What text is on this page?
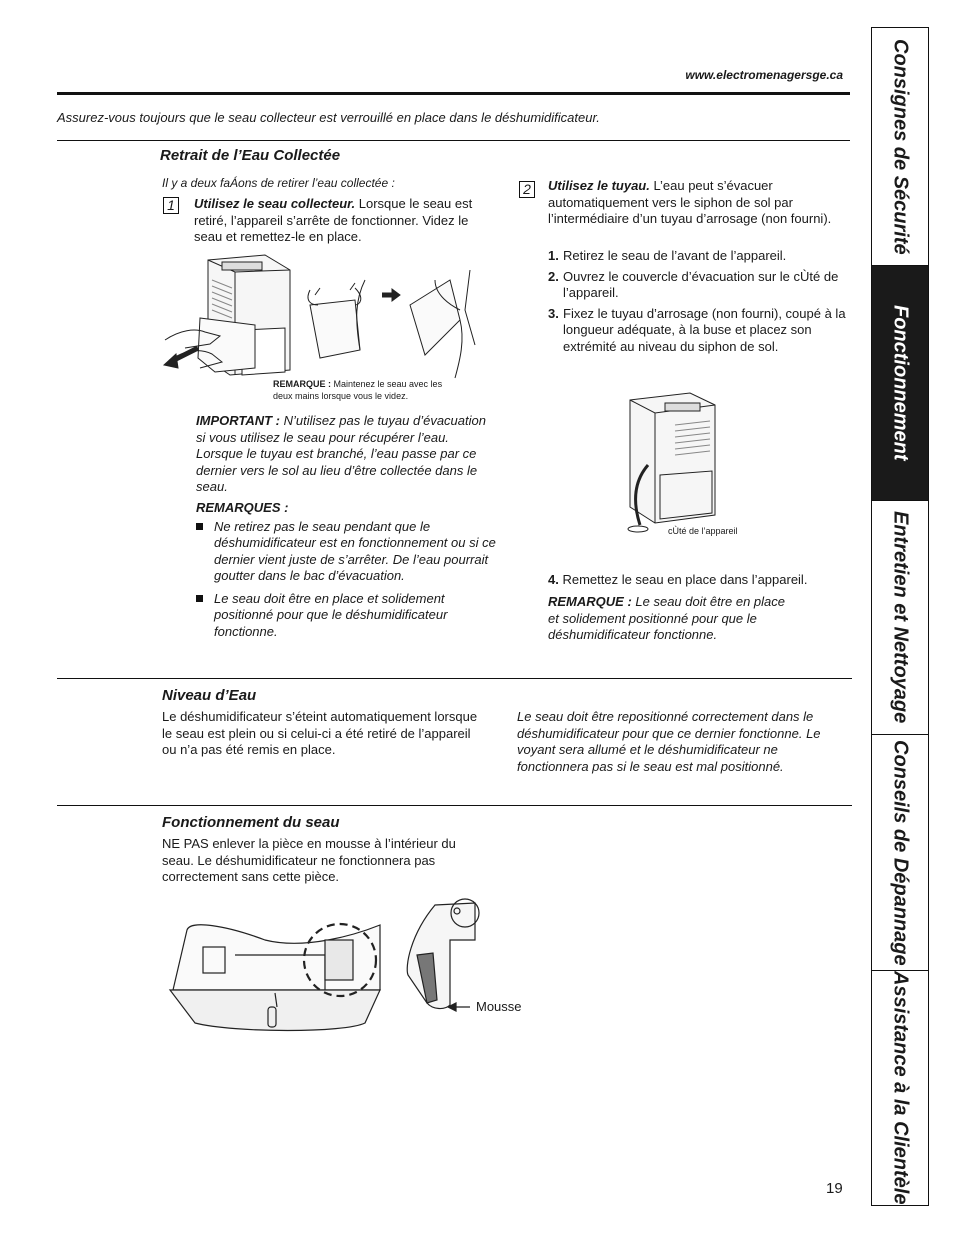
www.electromenagersge.ca
Assurez-vous toujours que le seau collecteur est verrouillé en place dans le déshumidificateur.
Retrait de l’Eau Collectée
Il y a deux faÁons de retirer l’eau collectée :
1	Utilisez le seau collecteur. Lorsque le seau est retiré, l’appareil s’arrête de fonctionner. Videz le seau et remettez-le en place.
REMARQUE : Maintenez le seau avec les deux mains lorsque vous le videz.
IMPORTANT : N’utilisez pas le tuyau d’évacuation si vous utilisez le seau pour récupérer l’eau. Lorsque le tuyau est branché, l’eau passe par ce dernier vers le sol au lieu d’être collectée dans le seau.
REMARQUES :
Ne retirez pas le seau pendant que le déshumidificateur est en fonctionnement ou si ce dernier vient juste de s’arrêter. De l’eau pourrait goutter dans le bac d’évacuation.
Le seau doit être en place et solidement positionné pour que le déshumidificateur fonctionne.
2	Utilisez le tuyau. L’eau peut s’évacuer automatiquement vers le siphon de sol par l’intermédiaire d’un tuyau d’arrosage (non fourni).
1. Retirez le seau de l’avant de l’appareil.
2. Ouvrez le couvercle d’évacuation sur le cÙté de l’appareil.
3. Fixez le tuyau d’arrosage (non fourni), coupé à la longueur adéquate, à la buse et placez son extrémité au niveau du siphon de sol.
cÙté de l’appareil
4. Remettez le seau en place dans l’appareil.
REMARQUE : Le seau doit être en place et solidement positionné pour que le déshumidificateur fonctionne.
Niveau d’Eau
Le déshumidificateur s’éteint automatiquement lorsque le seau est plein ou si celui-ci a été retiré de l’appareil ou n’a pas été remis en place.
Le seau doit être repositionné correctement dans le déshumidificateur pour que ce dernier fonctionne. Le voyant sera allumé et le déshumidificateur ne fonctionnera pas si le seau est mal positionné.
Fonctionnement du seau
NE PAS enlever la pièce en mousse à l’intérieur du seau. Le déshumidificateur ne fonctionnera pas correctement sans cette pièce.
Mousse
Consignes de Sécurité
Fonctionnement
Entretien et Nettoyage
Conseils de Dépannage
Assistance à la Clientèle
19
